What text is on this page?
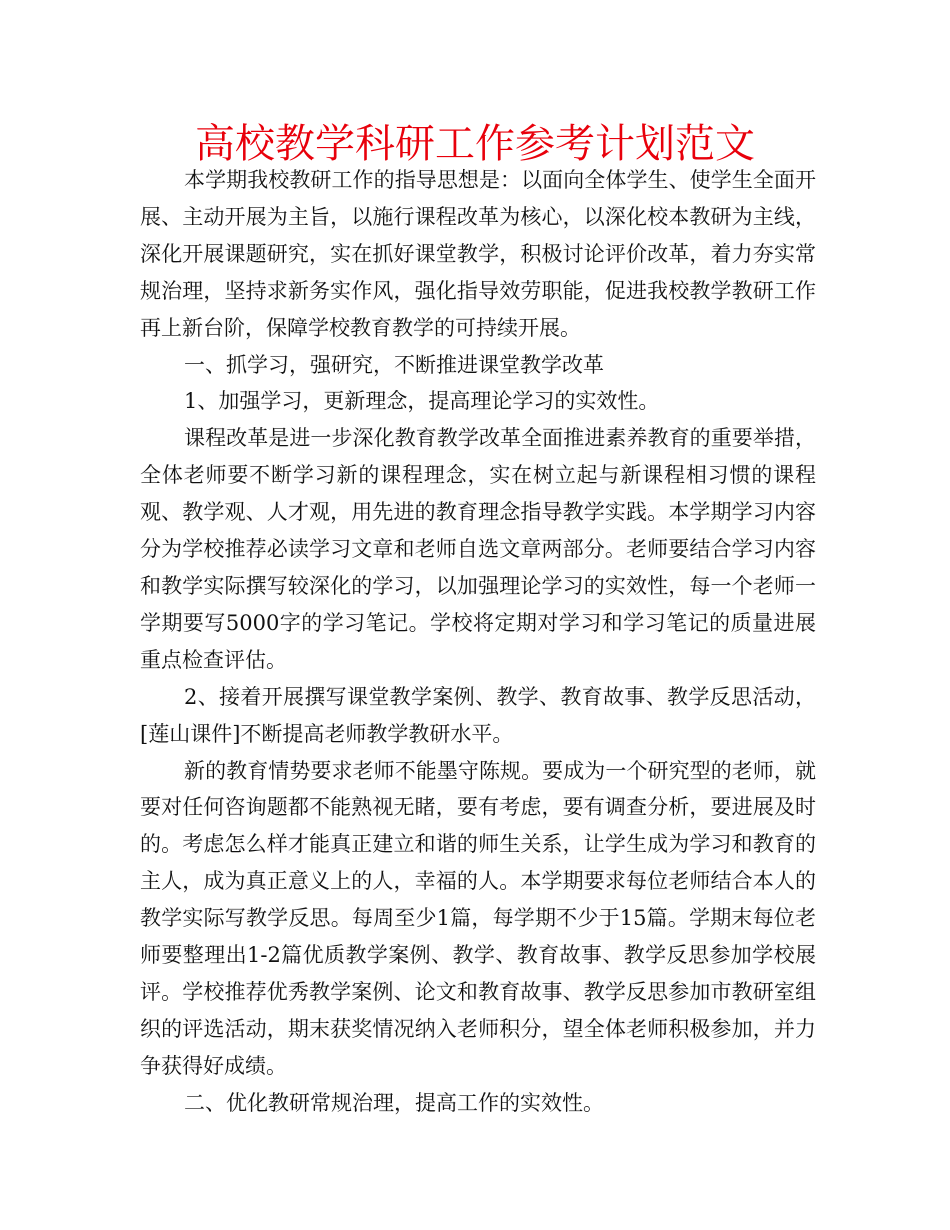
高校教学科研工作参考计划范文

本学期我校教研工作的指导思想是：以面向全体学生、使学生全面开展、主动开展为主旨，以施行课程改革为核心，以深化校本教研为主线，深化开展课题研究，实在抓好课堂教学，积极讨论评价改革，着力夯实常规治理，坚持求新务实作风，强化指导效劳职能，促进我校教学教研工作再上新台阶，保障学校教育教学的可持续开展。

一、抓学习，强研究，不断推进课堂教学改革

1、加强学习，更新理念，提高理论学习的实效性。

课程改革是进一步深化教育教学改革全面推进素养教育的重要举措，全体老师要不断学习新的课程理念，实在树立起与新课程相习惯的课程观、教学观、人才观，用先进的教育理念指导教学实践。本学期学习内容分为学校推荐必读学习文章和老师自选文章两部分。老师要结合学习内容和教学实际撰写较深化的学习，以加强理论学习的实效性，每一个老师一学期要写5000字的学习笔记。学校将定期对学习和学习笔记的质量进展重点检查评估。

2、接着开展撰写课堂教学案例、教学、教育故事、教学反思活动，[莲山课件]不断提高老师教学教研水平。

新的教育情势要求老师不能墨守陈规。要成为一个研究型的老师，就要对任何咨询题都不能熟视无睹，要有考虑，要有调查分析，要进展及时的。考虑怎么样才能真正建立和谐的师生关系，让学生成为学习和教育的主人，成为真正意义上的人，幸福的人。本学期要求每位老师结合本人的教学实际写教学反思。每周至少1篇，每学期不少于15篇。学期末每位老师要整理出1-2篇优质教学案例、教学、教育故事、教学反思参加学校展评。学校推荐优秀教学案例、论文和教育故事、教学反思参加市教研室组织的评选活动，期末获奖情况纳入老师积分，望全体老师积极参加，并力争获得好成绩。

二、优化教研常规治理，提高工作的实效性。
